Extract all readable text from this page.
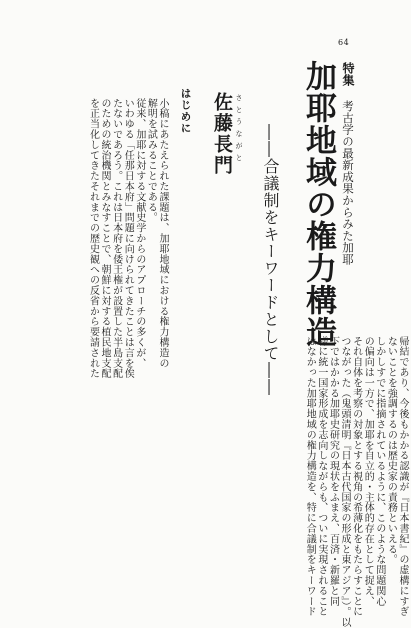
64
特集
考古学の最新成果からみた加耶
加耶地域の権力構造
――合議制をキーワードとして――
さとうながと
佐藤長門
はじめに
小稿にあたえられた課題は、加耶地域における権力構造の
解明を試みることである。
従来、加耶に対する文献史学からのアプローチの多くが、
いわゆる「任那日本府」問題に向けられてきたことは言を俟
たないであろう。これは日本府を倭王権が設置した半島支配
のための統治機関とみなすことで、朝鮮に対する植民地支配
を正当化してきたそれまでの歴史観への反省から要請された
帰結であり、今後もかかる認識が『日本書紀』の虚構にすぎ
ないことを強調するのは歴史家の責務といえる。
しかしすでに指摘されているように、このような問題関心
の偏向は一方で、加耶を自立的・主体的存在として捉え、
それ自体を考察の対象とする視角の希薄化をもたらすことに
つながった（鬼頭清明『日本古代国家の形成と東アジア』）。以
下ではかかる加耶史研究の現状をふまえ、百済・新羅と同
様に統一国家形成を志向しながらも、ついに実現されること
はなかった加耶地域の権力構造を、特に合議制をキーワード
